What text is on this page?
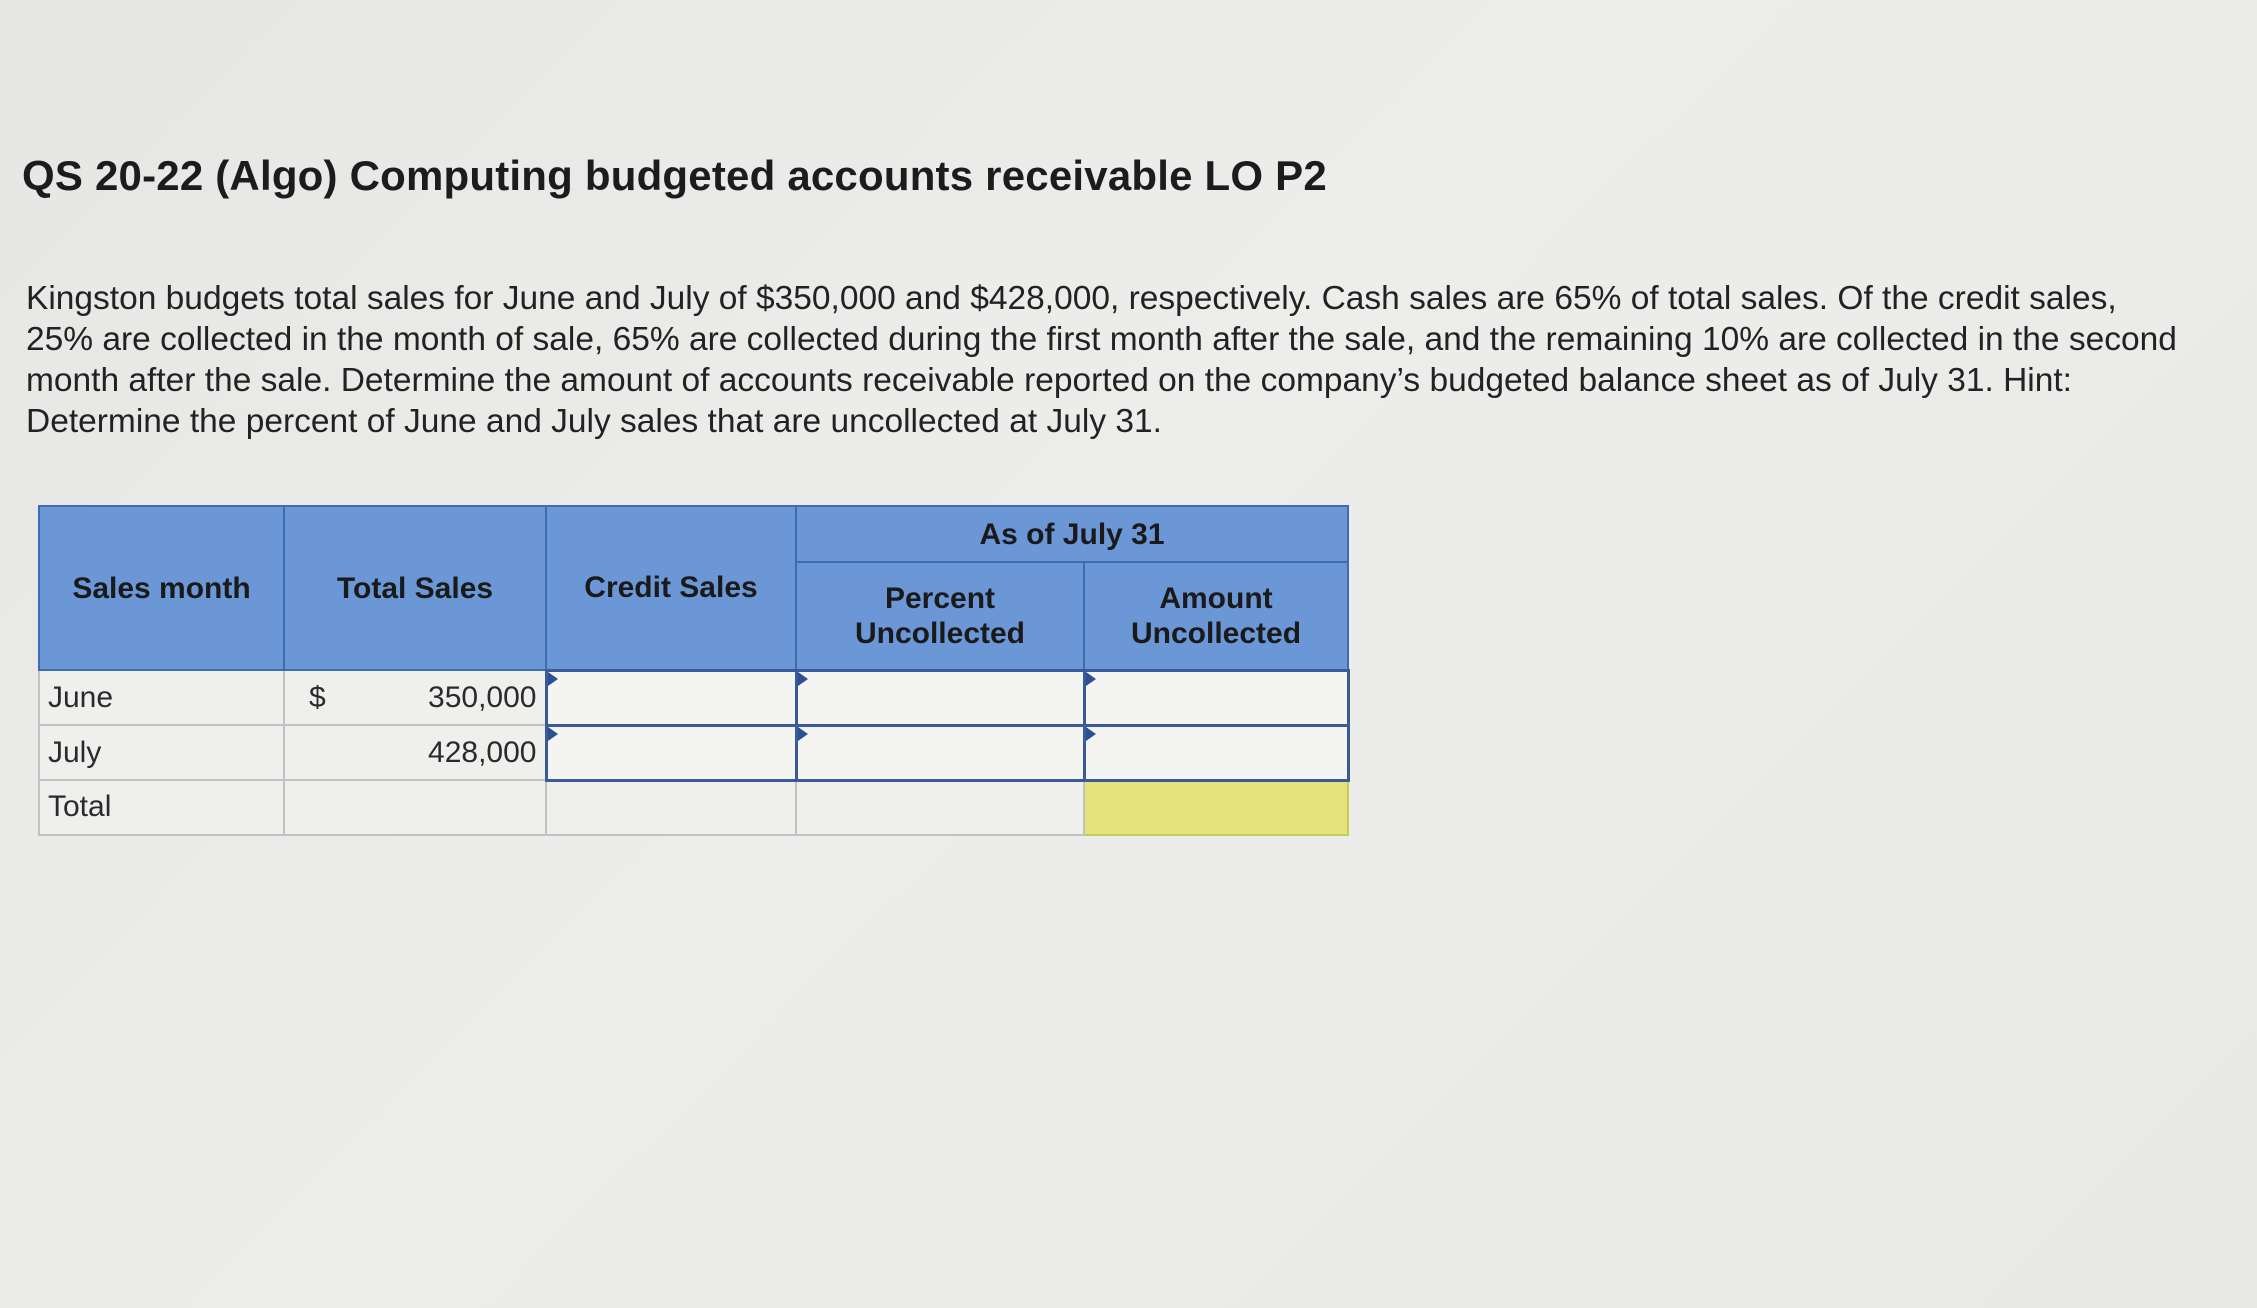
QS 20-22 (Algo) Computing budgeted accounts receivable LO P2

Kingston budgets total sales for June and July of $350,000 and $428,000, respectively. Cash sales are 65% of total sales. Of the credit sales, 25% are collected in the month of sale, 65% are collected during the first month after the sale, and the remaining 10% are collected in the second month after the sale. Determine the amount of accounts receivable reported on the company’s budgeted balance sheet as of July 31. Hint: Determine the percent of June and July sales that are uncollected at July 31.

Sales month	Total Sales	Credit Sales	As of July 31	
			Percent Uncollected	Amount Uncollected
June	$ 350,000			

July	428,000			

Total				
